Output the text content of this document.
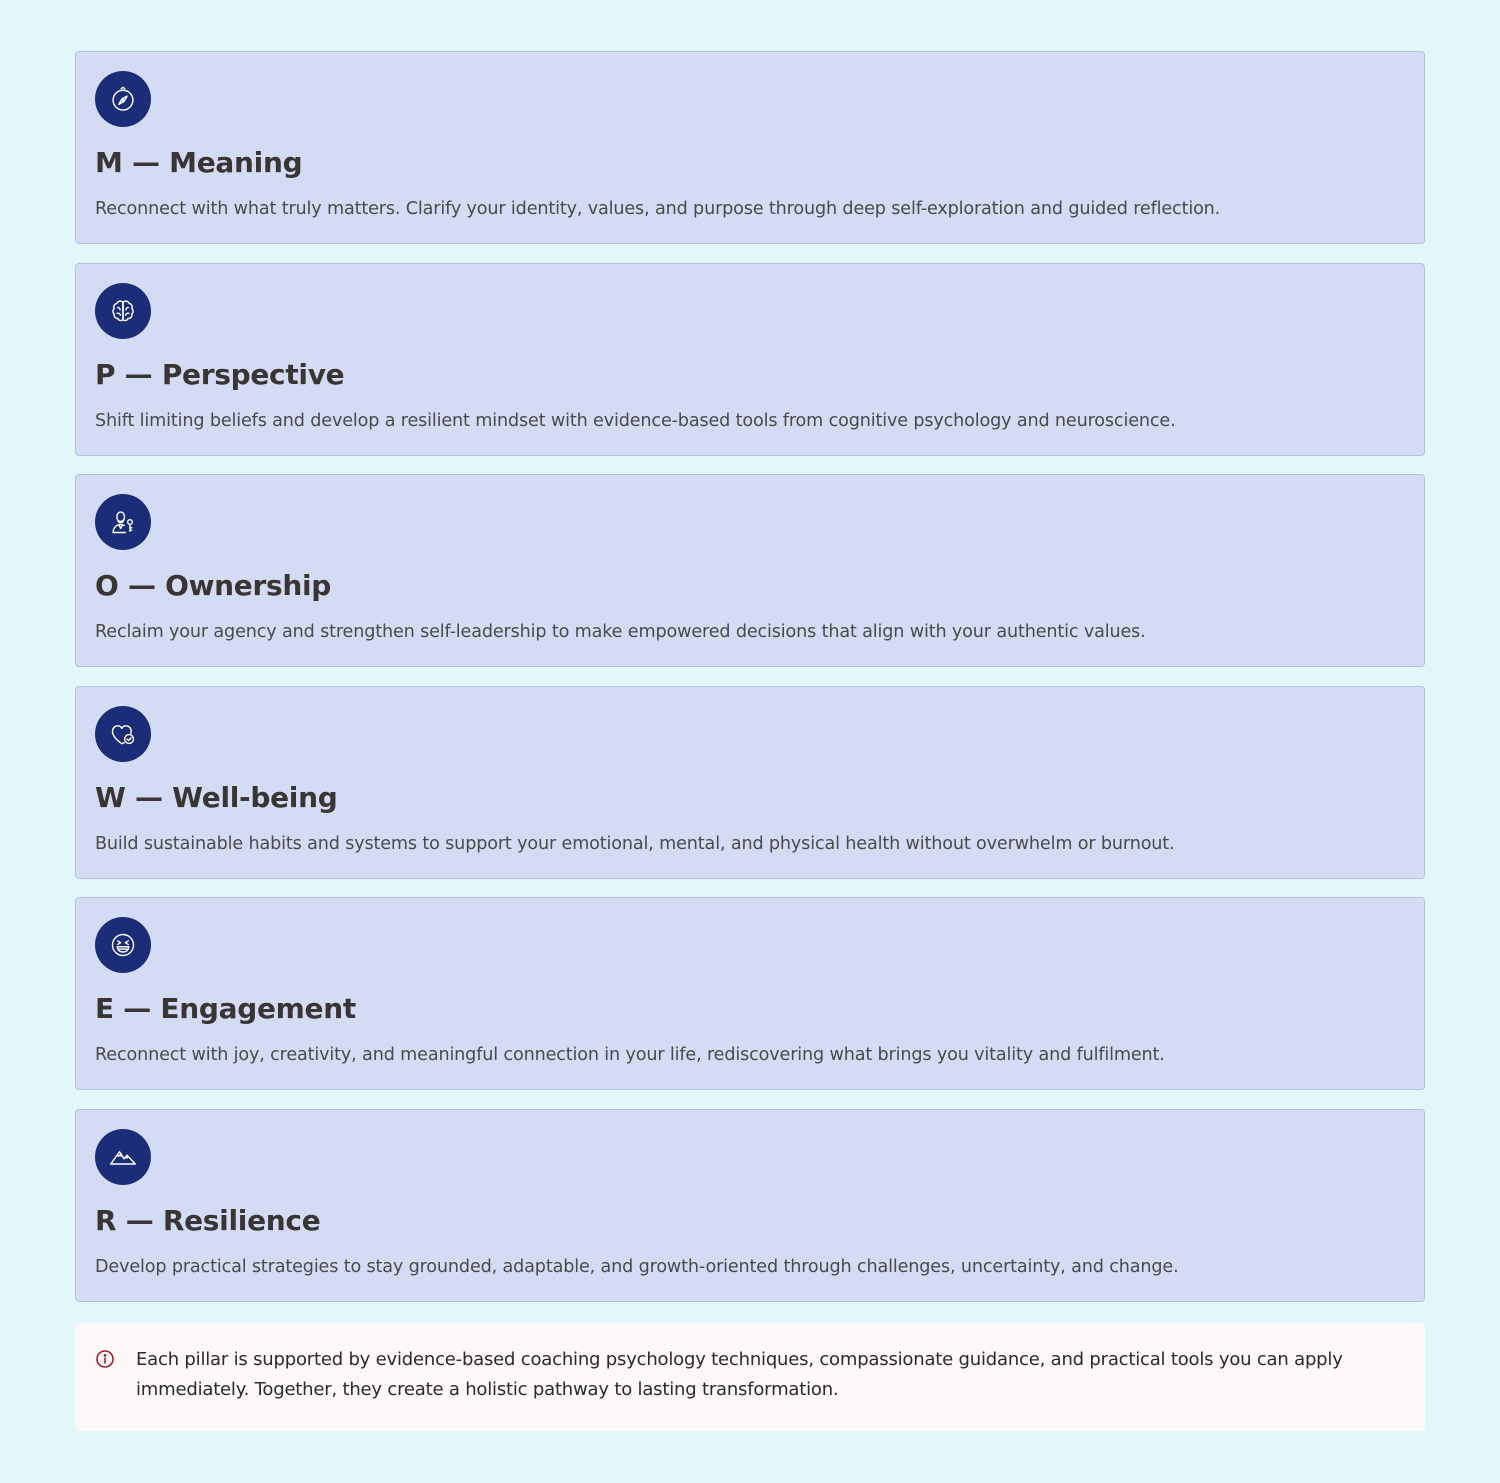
M — Meaning

Reconnect with what truly matters. Clarify your identity, values, and purpose through deep self-exploration and guided reflection.

P — Perspective

Shift limiting beliefs and develop a resilient mindset with evidence-based tools from cognitive psychology and neuroscience.

O — Ownership

Reclaim your agency and strengthen self-leadership to make empowered decisions that align with your authentic values.

W — Well-being

Build sustainable habits and systems to support your emotional, mental, and physical health without overwhelm or burnout.

E — Engagement

Reconnect with joy, creativity, and meaningful connection in your life, rediscovering what brings you vitality and fulfilment.

R — Resilience

Develop practical strategies to stay grounded, adaptable, and growth-oriented through challenges, uncertainty, and change.

Each pillar is supported by evidence-based coaching psychology techniques, compassionate guidance, and practical tools you can apply immediately. Together, they create a holistic pathway to lasting transformation.
